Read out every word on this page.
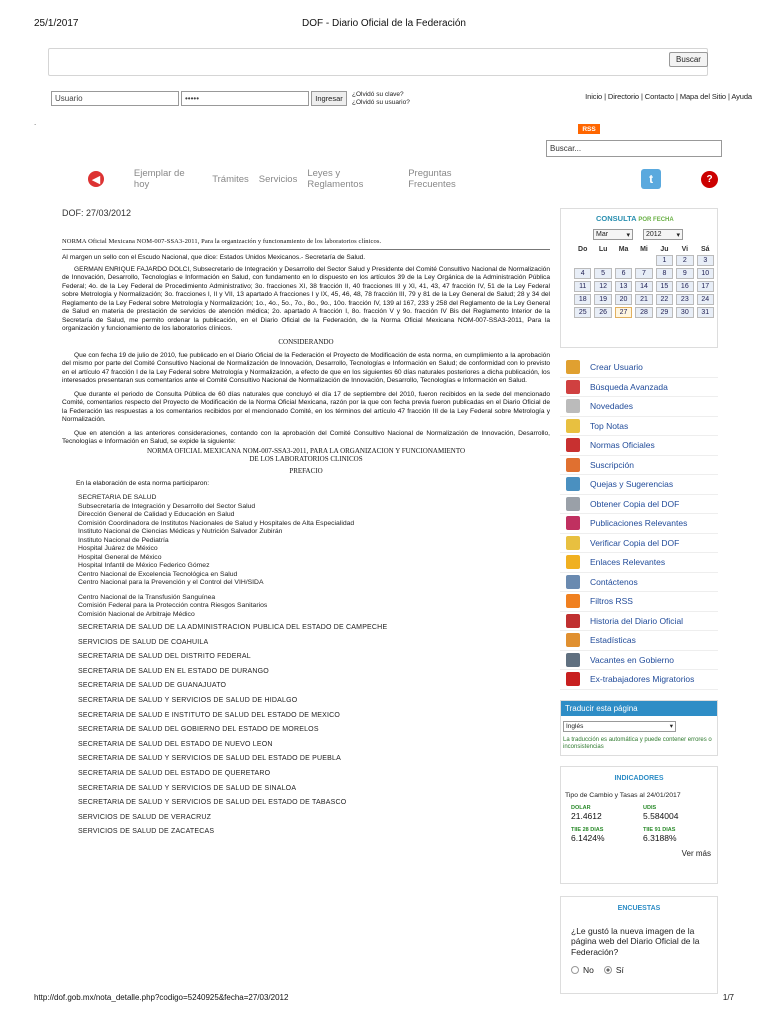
25/1/2017	DOF - Diario Oficial de la Federación
Buscar
Usuario	•••••	Ingresar	¿Olvidó su clave?
¿Olvidó su usuario?
Inicio | Directorio | Contacto | Mapa del Sitio | Ayuda
.
RSS
Buscar...
◀	Ejemplar de hoy	Trámites Servicios Leyes y Reglamentos
Preguntas Frecuentes	t	?
DOF: 27/03/2012
NORMA Oficial Mexicana NOM-007-SSA3-2011, Para la organización y funcionamiento de los laboratorios clínicos.
Al margen un sello con el Escudo Nacional, que dice: Estados Unidos Mexicanos.- Secretaría de Salud.
GERMAN ENRIQUE FAJARDO DOLCI, Subsecretario de Integración y Desarrollo del Sector Salud y Presidente del Comité Consultivo Nacional de Normalización de Innovación, Desarrollo, Tecnologías e Información en Salud, con fundamento en lo dispuesto en los artículos 39 de la Ley Orgánica de la Administración Pública Federal; 4o. de la Ley Federal de Procedimiento Administrativo; 3o. fracciones XI, 38 fracción II, 40 fracciones III y XI, 41, 43, 47 fracción IV, 51 de la Ley Federal sobre Metrología y Normalización; 3o. fracciones I, II y VII, 13 apartado A fracciones I y IX, 45, 46, 48, 78 fracción III, 79 y 81 de la Ley General de Salud; 28 y 34 del Reglamento de la Ley Federal sobre Metrología y Normalización; 1o., 4o., 5o., 7o., 8o., 9o., 10o. fracción IV, 139 al 167, 233 y 258 del Reglamento de la Ley General de Salud en materia de prestación de servicios de atención médica; 2o. apartado A fracción I, 8o. fracción V y 9o. fracción IV Bis del Reglamento Interior de la Secretaría de Salud, me permito ordenar la publicación, en el Diario Oficial de la Federación, de la Norma Oficial Mexicana NOM-007-SSA3-2011, Para la organización y funcionamiento de los laboratorios clínicos.
CONSIDERANDO
Que con fecha 19 de julio de 2010, fue publicado en el Diario Oficial de la Federación el Proyecto de Modificación de esta norma, en cumplimiento a la aprobación del mismo por parte del Comité Consultivo Nacional de Normalización de Innovación, Desarrollo, Tecnologías e Información en Salud; de conformidad con lo previsto en el artículo 47 fracción I de la Ley Federal sobre Metrología y Normalización, a efecto de que en los siguientes 60 días naturales posteriores a dicha publicación, los interesados presentaran sus comentarios ante el Comité Consultivo Nacional de Normalización de Innovación, Desarrollo, Tecnologías e Información en Salud.
Que durante el periodo de Consulta Pública de 60 días naturales que concluyó el día 17 de septiembre del 2010, fueron recibidos en la sede del mencionado Comité, comentarios respecto del Proyecto de Modificación de la Norma Oficial Mexicana, razón por la que con fecha previa fueron publicadas en el Diario Oficial de la Federación las respuestas a los comentarios recibidos por el mencionado Comité, en los términos del artículo 47 fracción III de la Ley Federal sobre Metrología y Normalización.
Que en atención a las anteriores consideraciones, contando con la aprobación del Comité Consultivo Nacional de Normalización de Innovación, Desarrollo, Tecnologías e Información en Salud, se expide la siguiente:
NORMA OFICIAL MEXICANA NOM-007-SSA3-2011, PARA LA ORGANIZACION Y FUNCIONAMIENTO
DE LOS LABORATORIOS CLINICOS
PREFACIO
En la elaboración de esta norma participaron:
SECRETARIA DE SALUD
Subsecretaría de Integración y Desarrollo del Sector Salud
Dirección General de Calidad y Educación en Salud
Comisión Coordinadora de Institutos Nacionales de Salud y Hospitales de Alta Especialidad
Instituto Nacional de Ciencias Médicas y Nutrición Salvador Zubirán
Instituto Nacional de Pediatría
Hospital Juárez de México
Hospital General de México
Hospital Infantil de México Federico Gómez
Centro Nacional de Excelencia Tecnológica en Salud
Centro Nacional para la Prevención y el Control del VIH/SIDA
Centro Nacional de la Transfusión Sanguínea
Comisión Federal para la Protección contra Riesgos Sanitarios
Comisión Nacional de Arbitraje Médico
SECRETARIA DE SALUD DE LA ADMINISTRACION PUBLICA DEL ESTADO DE CAMPECHE
SERVICIOS DE SALUD DE COAHUILA
SECRETARIA DE SALUD DEL DISTRITO FEDERAL
SECRETARIA DE SALUD EN EL ESTADO DE DURANGO
SECRETARIA DE SALUD DE GUANAJUATO
SECRETARIA DE SALUD Y SERVICIOS DE SALUD DE HIDALGO
SECRETARIA DE SALUD E INSTITUTO DE SALUD DEL ESTADO DE MEXICO
SECRETARIA DE SALUD DEL GOBIERNO DEL ESTADO DE MORELOS
SECRETARIA DE SALUD DEL ESTADO DE NUEVO LEON
SECRETARIA DE SALUD Y SERVICIOS DE SALUD DEL ESTADO DE PUEBLA
SECRETARIA DE SALUD DEL ESTADO DE QUERETARO
SECRETARIA DE SALUD Y SERVICIOS DE SALUD DE SINALOA
SECRETARIA DE SALUD Y SERVICIOS DE SALUD DEL ESTADO DE TABASCO
SERVICIOS DE SALUD DE VERACRUZ
SERVICIOS DE SALUD DE ZACATECAS
CONSULTA POR FECHA
Mar	▾ 2012 ▾
Do	Lu	Ma	Mi	Ju	Vi	Sá
				1	2	3
4	5	6	7	8	9	10
11	12	13	14	15	16	17
18	19	20	21	22	23	24
25	26	27	28	29	30	31
Crear Usuario
Búsqueda Avanzada
Novedades
Top Notas
Normas Oficiales
Suscripción
Quejas y Sugerencias
Obtener Copia del DOF
Publicaciones Relevantes
Verificar Copia del DOF
Enlaces Relevantes
Contáctenos
Filtros RSS
Historia del Diario Oficial
Estadísticas
Vacantes en Gobierno
Ex-trabajadores Migratorios
Traducir esta página
Inglés	▾
La traducción es automática y puede contener errores o inconsistencias
INDICADORES
Tipo de Cambio y Tasas al 24/01/2017
DOLAR
21.4612
UDIS
5.584004
TIIE 28 DIAS
6.1424%
TIIE 91 DIAS
6.3188%
Ver más
ENCUESTAS
¿Le gustó la nueva imagen de la página web del Diario Oficial de la Federación?
No	Sí
http://dof.gob.mx/nota_detalle.php?codigo=5240925&fecha=27/03/2012	1/7
